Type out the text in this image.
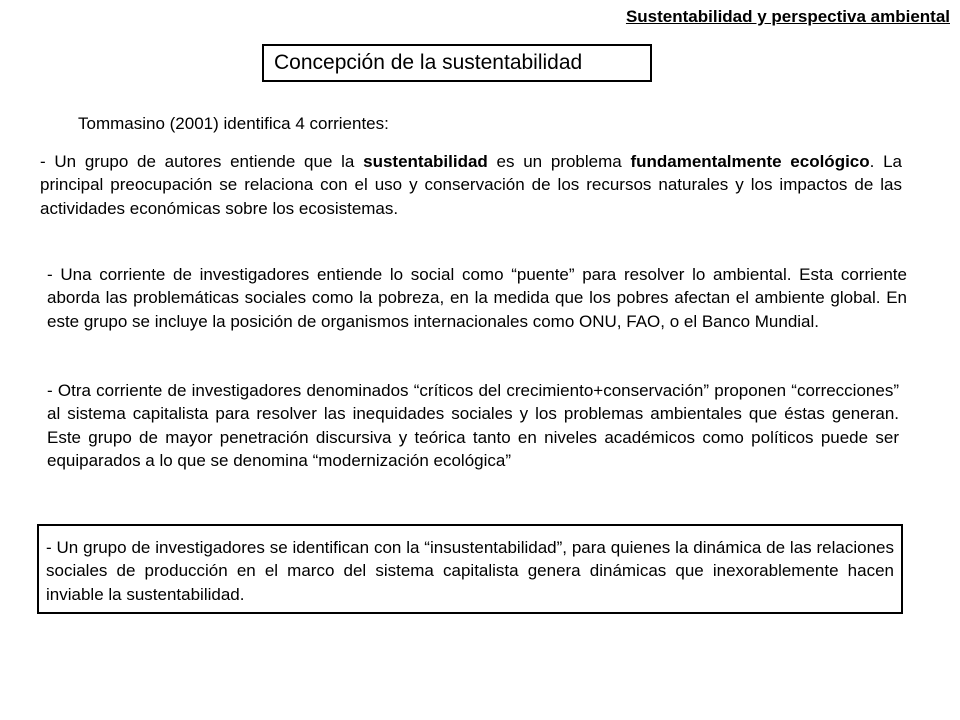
Sustentabilidad y perspectiva ambiental
Concepción de la sustentabilidad
Tommasino (2001) identifica 4 corrientes:

- Un grupo de autores entiende que la sustentabilidad es un problema fundamentalmente ecológico. La principal preocupación se relaciona con el uso y conservación de los recursos naturales y los impactos de las actividades económicas sobre los ecosistemas.

- Una corriente de investigadores entiende lo social como “puente” para resolver lo ambiental. Esta corriente aborda las problemáticas sociales como la pobreza, en la medida que los pobres afectan el ambiente global. En este grupo se incluye la posición de organismos internacionales como ONU, FAO, o el Banco Mundial.

- Otra corriente de investigadores denominados “críticos del crecimiento+conservación” proponen “correcciones” al sistema capitalista para resolver las inequidades sociales y los problemas ambientales que éstas generan. Este grupo de mayor penetración discursiva y teórica tanto en niveles académicos como políticos puede ser equiparados a lo que se denomina “modernización ecológica”

- Un grupo de investigadores se identifican con la “insustentabilidad”, para quienes la dinámica de las relaciones sociales de producción en el marco del sistema capitalista genera dinámicas que inexorablemente hacen inviable la sustentabilidad.
